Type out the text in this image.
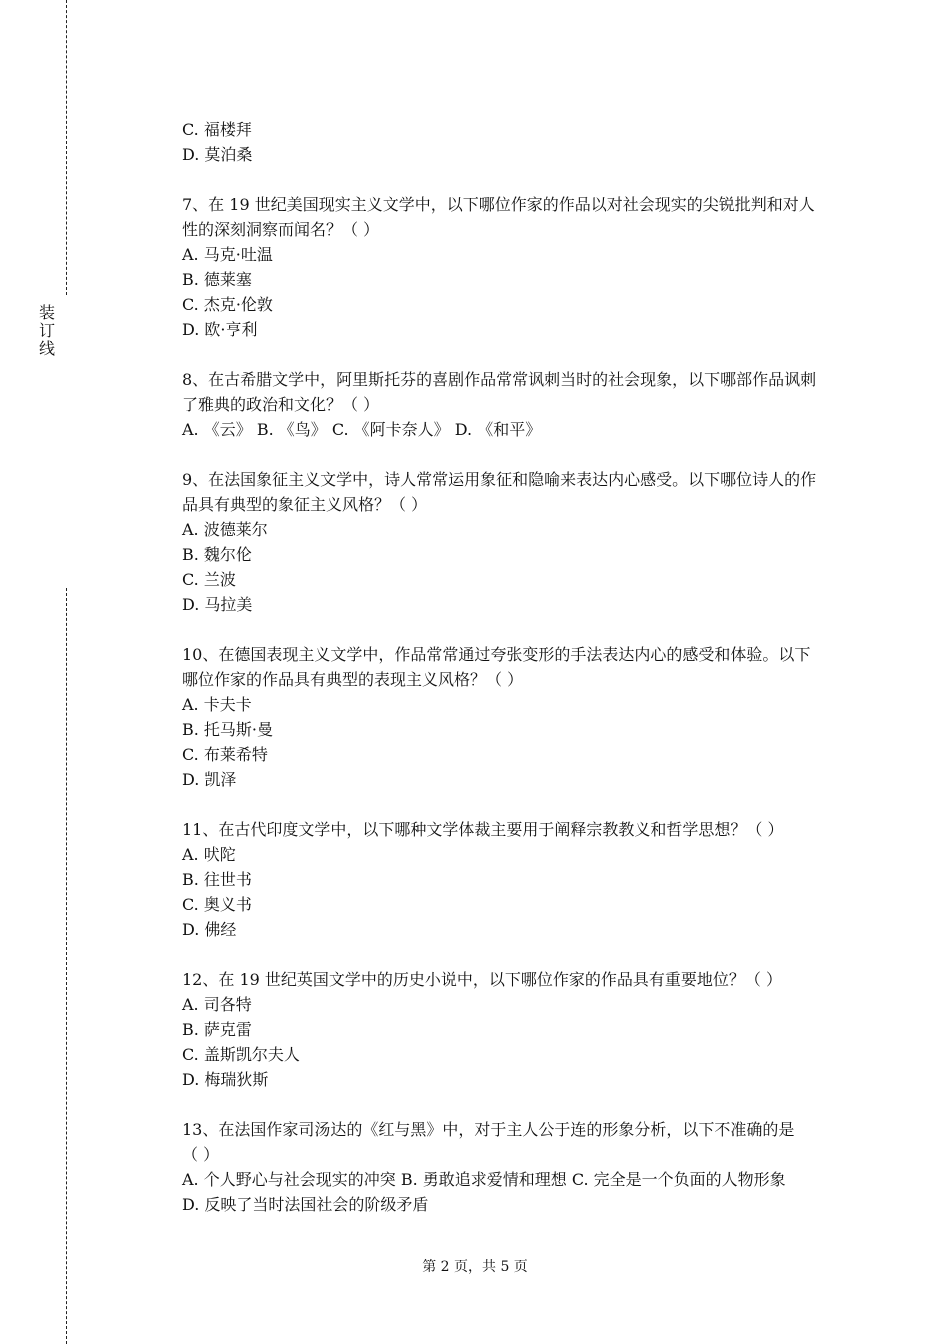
装
订
线
C. 福楼拜
D. 莫泊桑
7、在 19 世纪美国现实主义文学中，以下哪位作家的作品以对社会现实的尖锐批判和对人
性的深刻洞察而闻名？（ ）
A. 马克·吐温
B. 德莱塞
C. 杰克·伦敦
D. 欧·亨利
8、在古希腊文学中，阿里斯托芬的喜剧作品常常讽刺当时的社会现象，以下哪部作品讽刺
了雅典的政治和文化？（ ）
A. 《云》 B. 《鸟》 C. 《阿卡奈人》 D. 《和平》
9、在法国象征主义文学中，诗人常常运用象征和隐喻来表达内心感受。以下哪位诗人的作
品具有典型的象征主义风格？（ ）
A. 波德莱尔
B. 魏尔伦
C. 兰波
D. 马拉美
10、在德国表现主义文学中，作品常常通过夸张变形的手法表达内心的感受和体验。以下
哪位作家的作品具有典型的表现主义风格？（ ）
A. 卡夫卡
B. 托马斯·曼
C. 布莱希特
D. 凯泽
11、在古代印度文学中，以下哪种文学体裁主要用于阐释宗教教义和哲学思想？（ ）
A. 吠陀
B. 往世书
C. 奥义书
D. 佛经
12、在 19 世纪英国文学中的历史小说中，以下哪位作家的作品具有重要地位？（ ）
A. 司各特
B. 萨克雷
C. 盖斯凯尔夫人
D. 梅瑞狄斯
13、在法国作家司汤达的《红与黑》中，对于主人公于连的形象分析，以下不准确的是
（ ）
A. 个人野心与社会现实的冲突 B. 勇敢追求爱情和理想 C. 完全是一个负面的人物形象
D. 反映了当时法国社会的阶级矛盾
第 2 页，共 5 页
